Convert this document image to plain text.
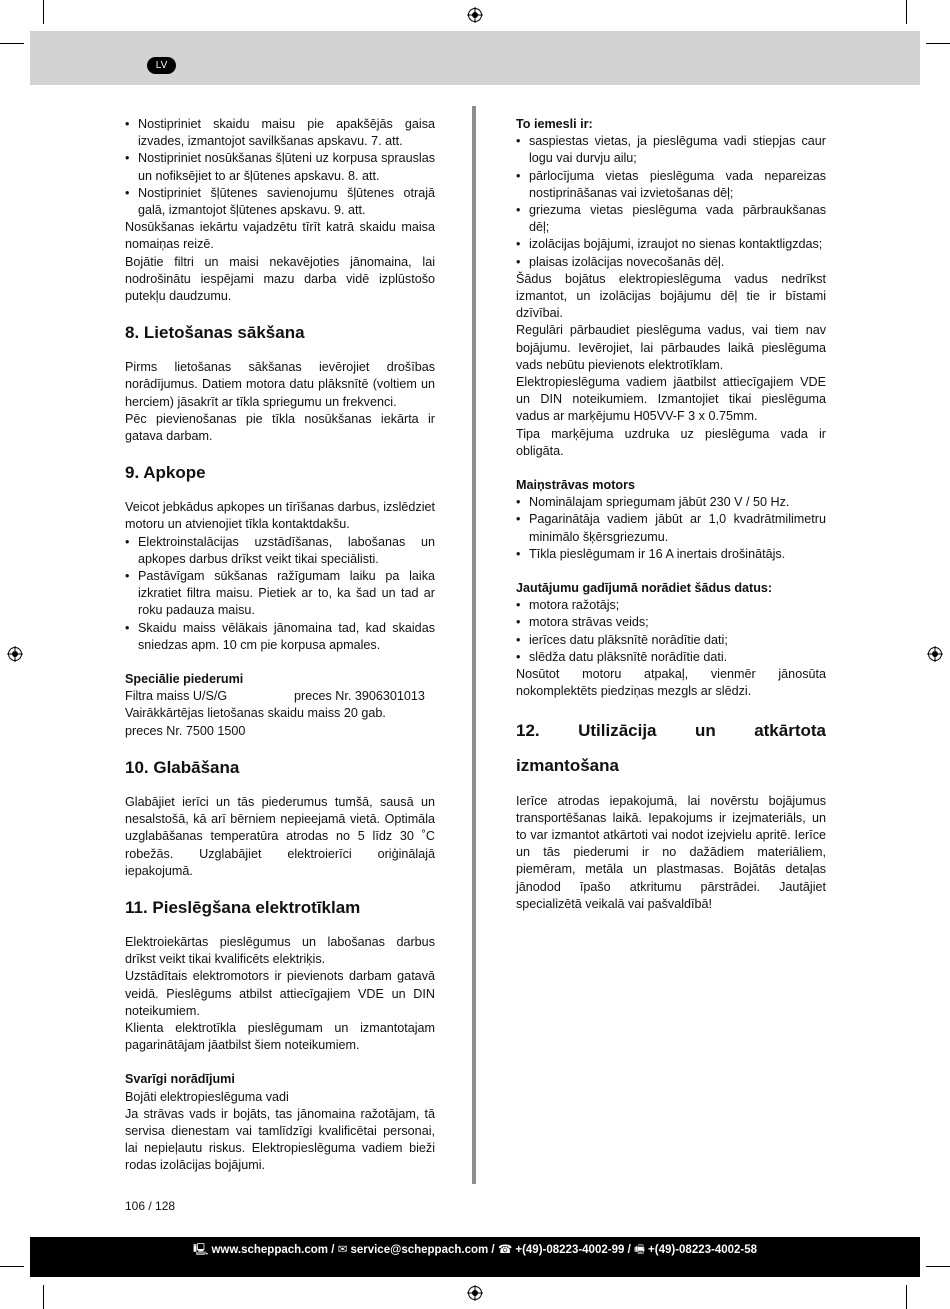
LV
• Nostipriniet skaidu maisu pie apakšējās gaisa izvades, izmantojot savilkšanas apskavu. 7. att.
• Nostipriniet nosūkšanas šļūteni uz korpusa sprauslas un nofiksējiet to ar šļūtenes apskavu. 8. att.
• Nostipriniet šļūtenes savienojumu šļūtenes otrajā galā, izmantojot šļūtenes apskavu. 9. att.

Nosūkšanas iekārtu vajadzētu tīrīt katrā skaidu maisa nomaiņas reizē.

Bojātie filtri un maisi nekavējoties jānomaina, lai nodrošinātu iespējami mazu darba vidē izplūstošo putekļu daudzumu.

8. Lietošanas sākšana

Pirms lietošanas sākšanas ievērojiet drošības norādījumus. Datiem motora datu plāksnītē (voltiem un herciem) jāsakrīt ar tīkla spriegumu un frekvenci.

Pēc pievienošanas pie tīkla nosūkšanas iekārta ir gatava darbam.

9. Apkope

Veicot jebkādus apkopes un tīrīšanas darbus, izslēdziet motoru un atvienojiet tīkla kontaktdakšu.

• Elektroinstalācijas uzstādīšanas, labošanas un apkopes darbus drīkst veikt tikai speciālisti.
• Pastāvīgam sūkšanas ražīgumam laiku pa laika izkratiet filtra maisu. Pietiek ar to, ka šad un tad ar roku padauza maisu.
• Skaidu maiss vēlākais jānomaina tad, kad skaidas sniedzas apm. 10 cm pie korpusa apmales.
Speciālie piederumi
Filtra maiss U/S/G	preces Nr. 3906301013

Vairākkārtējas lietošanas skaidu maiss 20 gab.

preces Nr. 7500 1500

10. Glabāšana

Glabājiet ierīci un tās piederumus tumšā, sausā un nesalstošā, kā arī bērniem nepieejamā vietā. Optimāla uzglabāšanas temperatūra atrodas no 5 līdz 30 ˚C robežās. Uzglabājiet elektroierīci oriģinālajā iepakojumā.

11. Pieslēgšana elektrotīklam

Elektroiekārtas pieslēgumus un labošanas darbus drīkst veikt tikai kvalificēts elektriķis.

Uzstādītais elektromotors ir pievienots darbam gatavā veidā. Pieslēgums atbilst attiecīgajiem VDE un DIN noteikumiem.

Klienta elektrotīkla pieslēgumam un izmantotajam pagarinātājam jāatbilst šiem noteikumiem.

Svarīgi norādījumi

Bojāti elektropieslēguma vadi

Ja strāvas vads ir bojāts, tas jānomaina ražotājam, tā servisa dienestam vai tamlīdzīgi kvalificētai personai, lai nepieļautu riskus. Elektropieslēguma vadiem bieži rodas izolācijas bojājumi.

To iemesli ir:
• saspiestas vietas, ja pieslēguma vadi stiepjas caur logu vai durvju ailu;
• pārlocījuma vietas pieslēguma vada nepareizas nostiprināšanas vai izvietošanas dēļ;
• griezuma vietas pieslēguma vada pārbraukšanas dēļ;
• izolācijas bojājumi, izraujot no sienas kontaktligzdas;
• plaisas izolācijas novecošanās dēļ.

Šādus bojātus elektropieslēguma vadus nedrīkst izmantot, un izolācijas bojājumu dēļ tie ir bīstami dzīvībai.

Regulāri pārbaudiet pieslēguma vadus, vai tiem nav bojājumu. Ievērojiet, lai pārbaudes laikā pieslēguma vads nebūtu pievienots elektrotīklam.

Elektropieslēguma vadiem jāatbilst attiecīgajiem VDE un DIN noteikumiem. Izmantojiet tikai pieslēguma vadus ar marķējumu H05VV-F 3 x 0.75mm.

Tipa marķējuma uzdruka uz pieslēguma vada ir obligāta.

Maiņstrāvas motors
• Nominālajam spriegumam jābūt 230 V / 50 Hz.
• Pagarinātāja vadiem jābūt ar 1,0 kvadrātmilimetru minimālo šķērsgriezumu.
• Tīkla pieslēgumam ir 16 A inertais drošinātājs.
Jautājumu gadījumā norādiet šādus datus:
• motora ražotājs;
• motora strāvas veids;
• ierīces datu plāksnītē norādītie dati;
• slēdža datu plāksnītē norādītie dati.

Nosūtot motoru atpakaļ, vienmēr jānosūta nokomplektēts piedziņas mezgls ar slēdzi.

12. Utilizācija un atkārtota
izmantošana

Ierīce atrodas iepakojumā, lai novērstu bojājumus transportēšanas laikā. Iepakojums ir izejmateriāls, un to var izmantot atkārtoti vai nodot izejvielu apritē. Ierīce un tās piederumi ir no dažādiem materiāliem, piemēram, metāla un plastmasas. Bojātās detaļas jānodod īpašo atkritumu pārstrādei. Jautājiet specializētā veikalā vai pašvaldībā!

106 / 128
🖳 www.scheppach.com / ✉ service@scheppach.com / ☎ +(49)-08223-4002-99 / 🖷 +(49)-08223-4002-58
